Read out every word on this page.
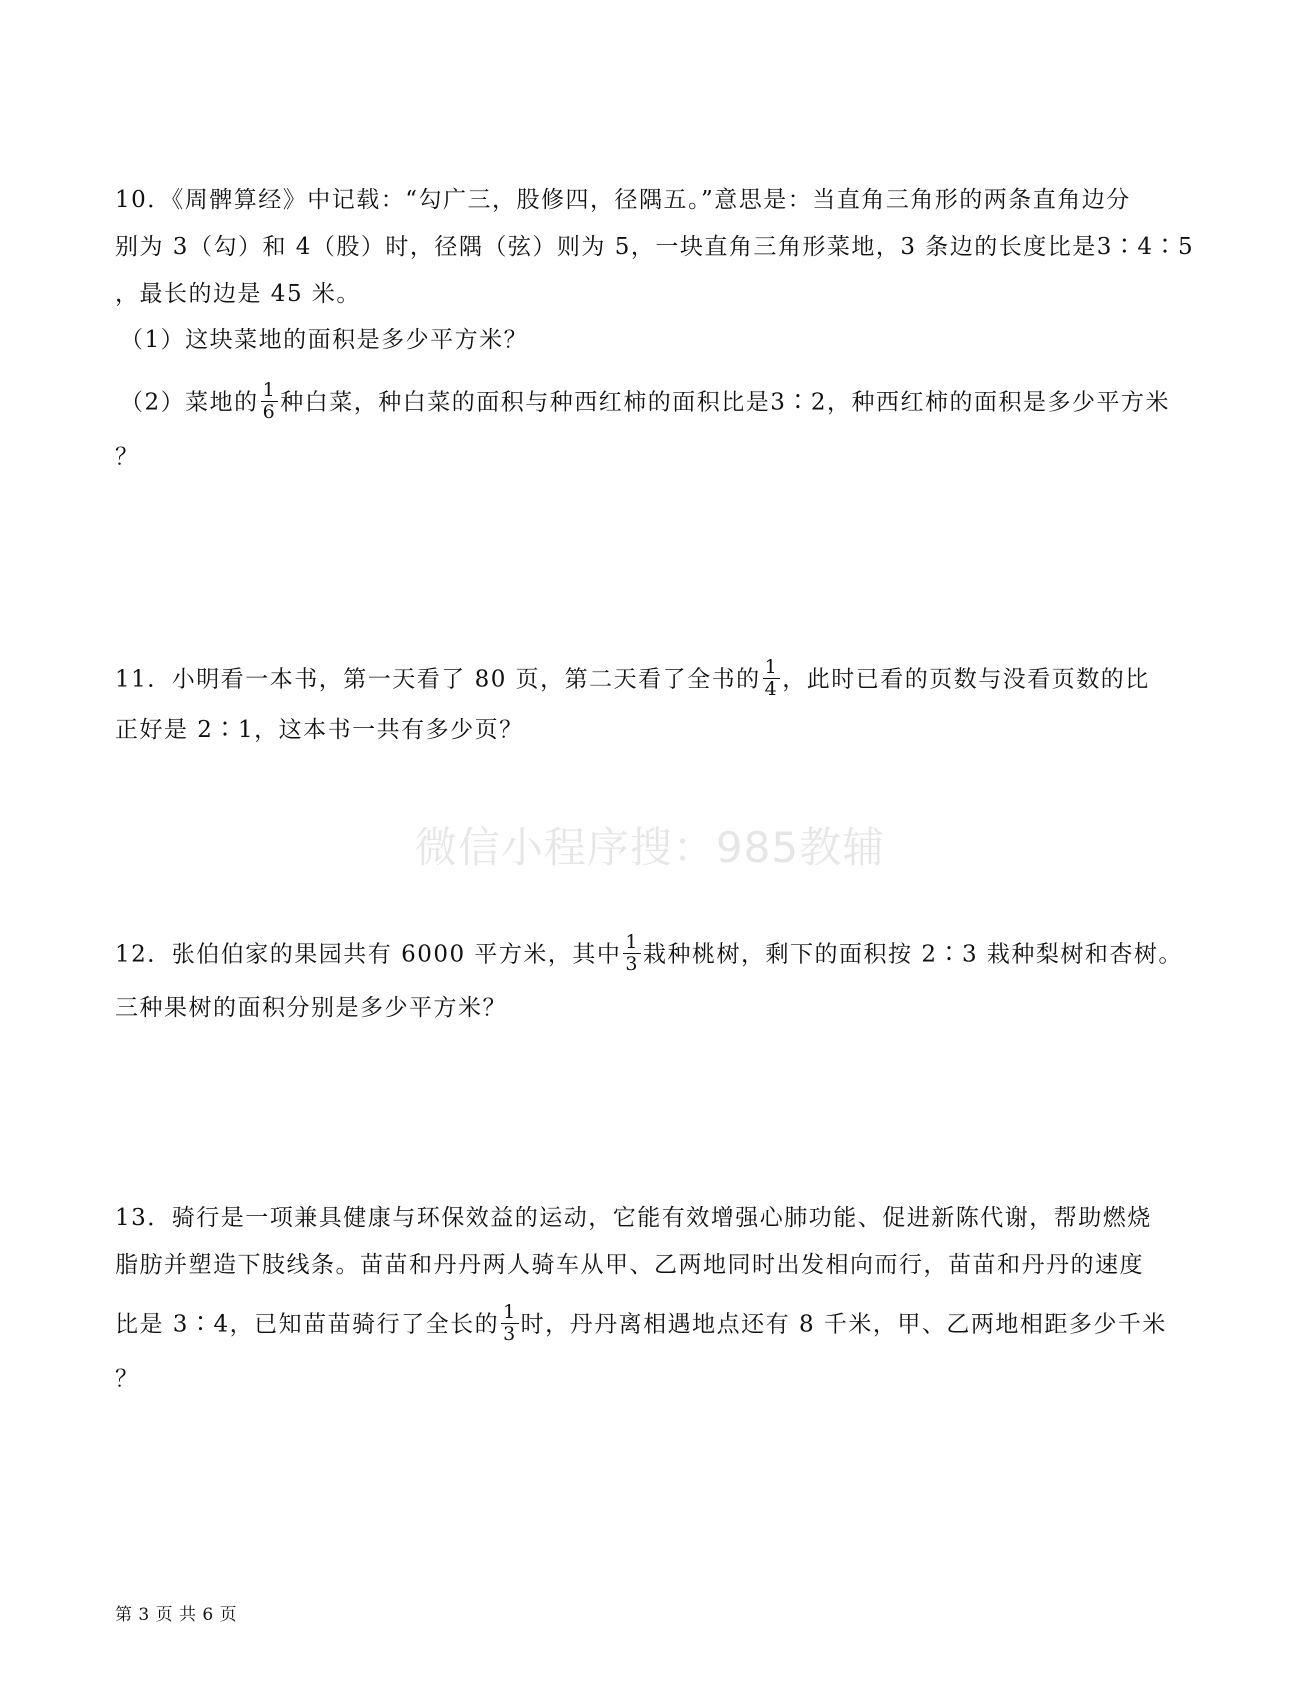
10．《周髀算经》中记载：“勾广三，股修四，径隅五。”意思是：当直角三角形的两条直角边分
别为 3（勾）和 4（股）时，径隅（弦）则为 5，一块直角三角形菜地，3 条边的长度比是3∶4∶5
，最长的边是 45 米。
（1）这块菜地的面积是多少平方米？
（2）菜地的 $\frac{1}{6}$ 种白菜，种白菜的面积与种西红柿的面积比是3∶2，种西红柿的面积是多少平方米
？
11．小明看一本书，第一天看了 80 页，第二天看了全书的 $\frac{1}{4}$ ，此时已看的页数与没看页数的比
正好是 2∶1，这本书一共有多少页？
微信小程序搜：985教辅
12．张伯伯家的果园共有 6000 平方米，其中 $\frac{1}{3}$ 栽种桃树，剩下的面积按 2∶3 栽种梨树和杏树。
三种果树的面积分别是多少平方米？
13．骑行是一项兼具健康与环保效益的运动，它能有效增强心肺功能、促进新陈代谢，帮助燃烧
脂肪并塑造下肢线条。苗苗和丹丹两人骑车从甲、乙两地同时出发相向而行，苗苗和丹丹的速度
比是 3∶4，已知苗苗骑行了全长的 $\frac{1}{3}$ 时，丹丹离相遇地点还有 8 千米，甲、乙两地相距多少千米
？
第 3 页 共 6 页
